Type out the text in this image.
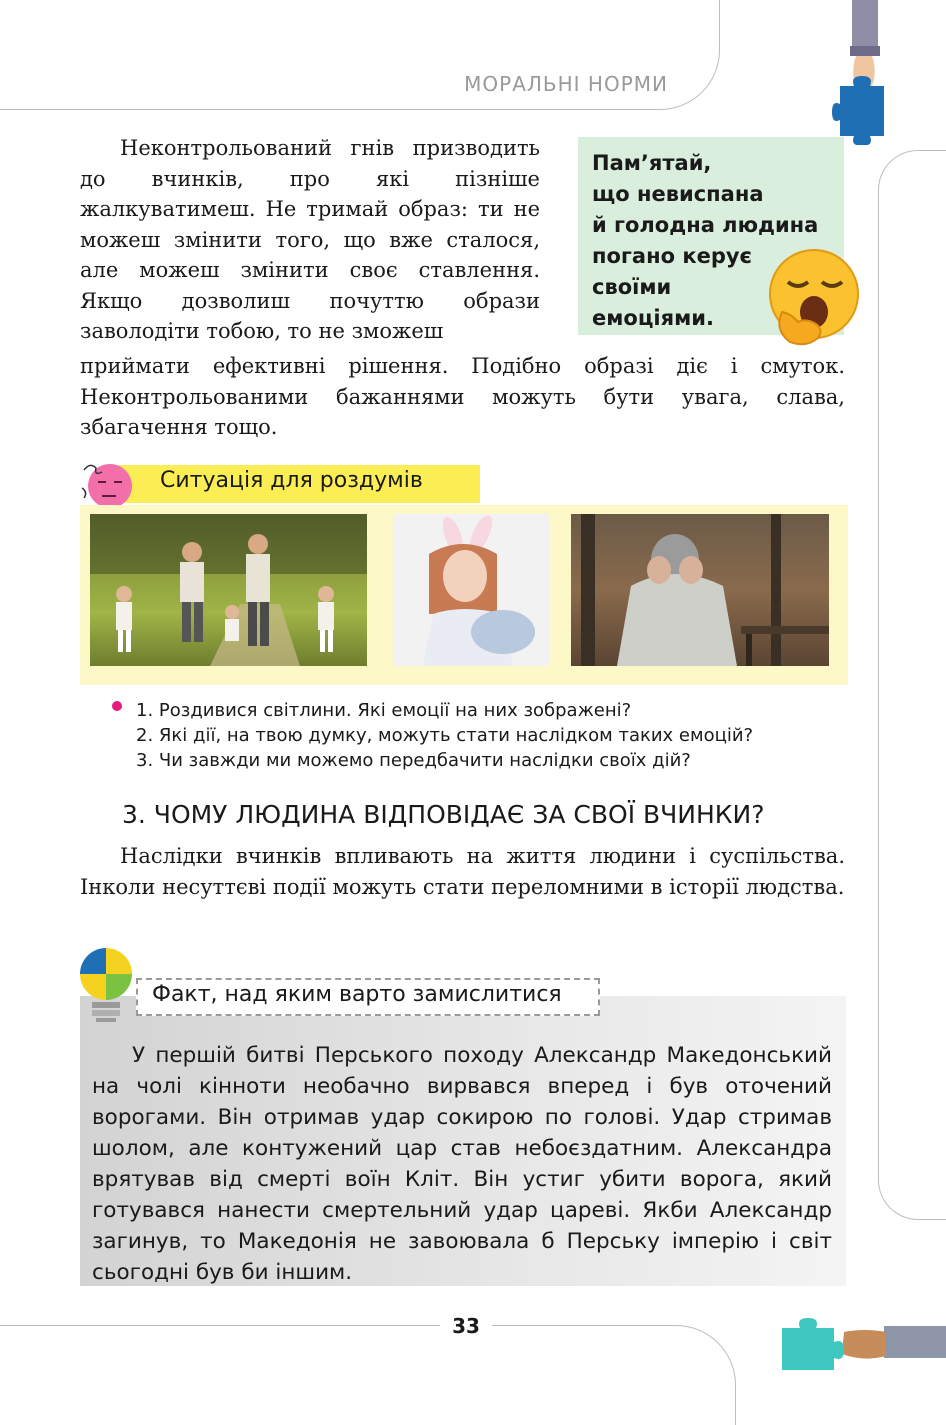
МОРАЛЬНІ НОРМИ
Неконтрольований гнів призводить до вчинків, про які пізніше жалкуватимеш. Не тримай образ: ти не можеш змінити того, що вже сталося, але можеш змінити своє ставлення. Якщо дозволиш почуттю образи заволодіти тобою, то не зможеш
приймати ефективні рішення. Подібно образі діє і смуток. Неконтрольованими бажаннями можуть бути увага, слава, збагачення тощо.
Пам’ятай,
що невиспана
й голодна людина
погано керує
своїми
емоціями.
Ситуація для роздумів
1. Роздивися світлини. Які емоції на них зображені?
2. Які дії, на твою думку, можуть стати наслідком таких емоцій?
3. Чи завжди ми можемо передбачити наслідки своїх дій?
3. ЧОМУ ЛЮДИНА ВІДПОВІДАЄ ЗА СВОЇ ВЧИНКИ?
Наслідки вчинків впливають на життя людини і суспільства. Інколи несуттєві події можуть стати переломними в історії людства.
Факт, над яким варто замислитися
У першій битві Перського походу Александр Македонський на чолі кінноти необачно вирвався вперед і був оточений ворогами. Він отримав удар сокирою по голові. Удар стримав шолом, але контужений цар став небоєздатним. Александра врятував від смерті воїн Кліт. Він устиг убити ворога, який готувався нанести смертельний удар цареві. Якби Александр загинув, то Македонія не завоювала б Перську імперію і світ сьогодні був би іншим.
33
